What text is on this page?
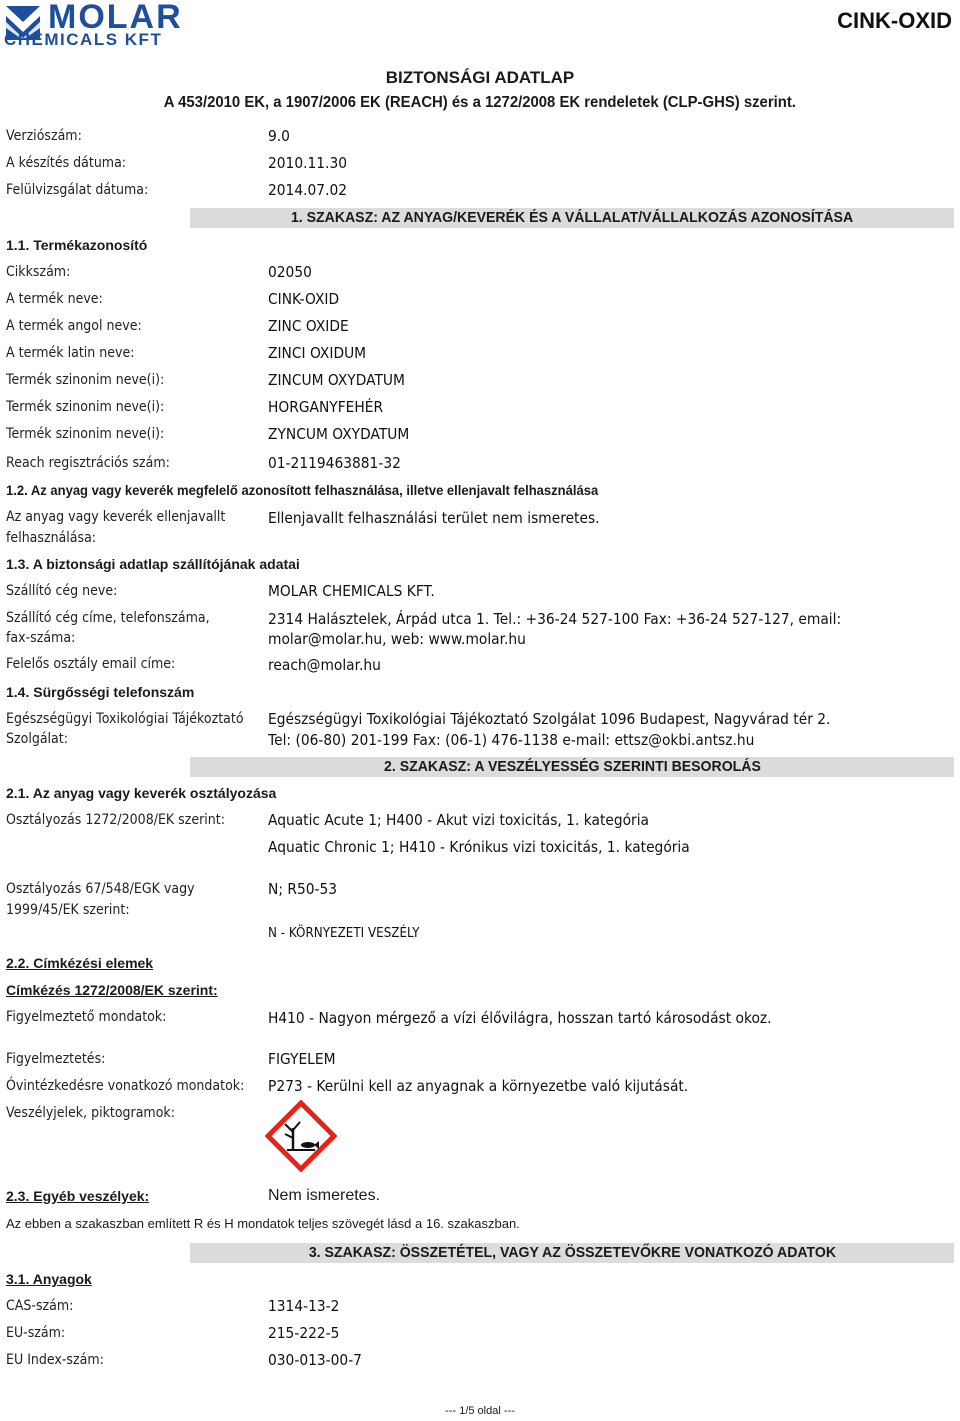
MOLAR
CHEMICALS KFT
CINK-OXID
BIZTONSÁGI ADATLAP
A 453/2010 EK, a 1907/2006 EK (REACH) és a 1272/2008 EK rendeletek (CLP-GHS) szerint.
Verziószám:	9.0
A készítés dátuma:	2010.11.30
Felülvizsgálat dátuma:	2014.07.02
1. SZAKASZ: AZ ANYAG/KEVERÉK ÉS A VÁLLALAT/VÁLLALKOZÁS AZONOSÍTÁSA
1.1. Termékazonosító
Cikkszám:	02050
A termék neve:	CINK-OXID
A termék angol neve:	ZINC OXIDE
A termék latin neve:	ZINCI OXIDUM
Termék szinonim neve(i):	ZINCUM OXYDATUM
Termék szinonim neve(i):	HORGANYFEHÉR
Termék szinonim neve(i):	ZYNCUM OXYDATUM
Reach regisztrációs szám:	01-2119463881-32
1.2. Az anyag vagy keverék megfelelő azonosított felhasználása, illetve ellenjavalt felhasználása
Az anyag vagy keverék ellenjavallt
felhasználása:
Ellenjavallt felhasználási terület nem ismeretes.
1.3. A biztonsági adatlap szállítójának adatai
Szállító cég neve:	MOLAR CHEMICALS KFT.
Szállító cég címe, telefonszáma,
fax-száma:
2314 Halásztelek, Árpád utca 1. Tel.: +36-24 527-100 Fax: +36-24 527-127, email:
molar@molar.hu, web: www.molar.hu
Felelős osztály email címe:	reach@molar.hu
1.4. Sürgősségi telefonszám
Egészségügyi Toxikológiai Tájékoztató
Szolgálat:
Egészségügyi Toxikológiai Tájékoztató Szolgálat 1096 Budapest, Nagyvárad tér 2.
Tel: (06-80) 201-199 Fax: (06-1) 476-1138 e-mail: ettsz@okbi.antsz.hu
2. SZAKASZ: A VESZÉLYESSÉG SZERINTI BESOROLÁS
2.1. Az anyag vagy keverék osztályozása
Osztályozás 1272/2008/EK szerint:	Aquatic Acute 1; H400 - Akut vizi toxicitás, 1. kategória
Aquatic Chronic 1; H410 - Krónikus vizi toxicitás, 1. kategória
Osztályozás 67/548/EGK vagy
1999/45/EK szerint:
N; R50-53
N - KÖRNYEZETI VESZÉLY
2.2. Címkézési elemek
Címkézés 1272/2008/EK szerint:
Figyelmeztető mondatok:	H410 - Nagyon mérgező a vízi élővilágra, hosszan tartó károsodást okoz.
Figyelmeztetés:	FIGYELEM
Óvintézkedésre vonatkozó mondatok: P273 - Kerülni kell az anyagnak a környezetbe való kijutását.
Veszélyjelek, piktogramok:
2.3. Egyéb veszélyek:	Nem ismeretes.
Az ebben a szakaszban említett R és H mondatok teljes szövegét lásd a 16. szakaszban.
3. SZAKASZ: ÖSSZETÉTEL, VAGY AZ ÖSSZETEVŐKRE VONATKOZÓ ADATOK
3.1. Anyagok
CAS-szám:	1314-13-2
EU-szám:	215-222-5
EU Index-szám:	030-013-00-7
--- 1/5 oldal ---
